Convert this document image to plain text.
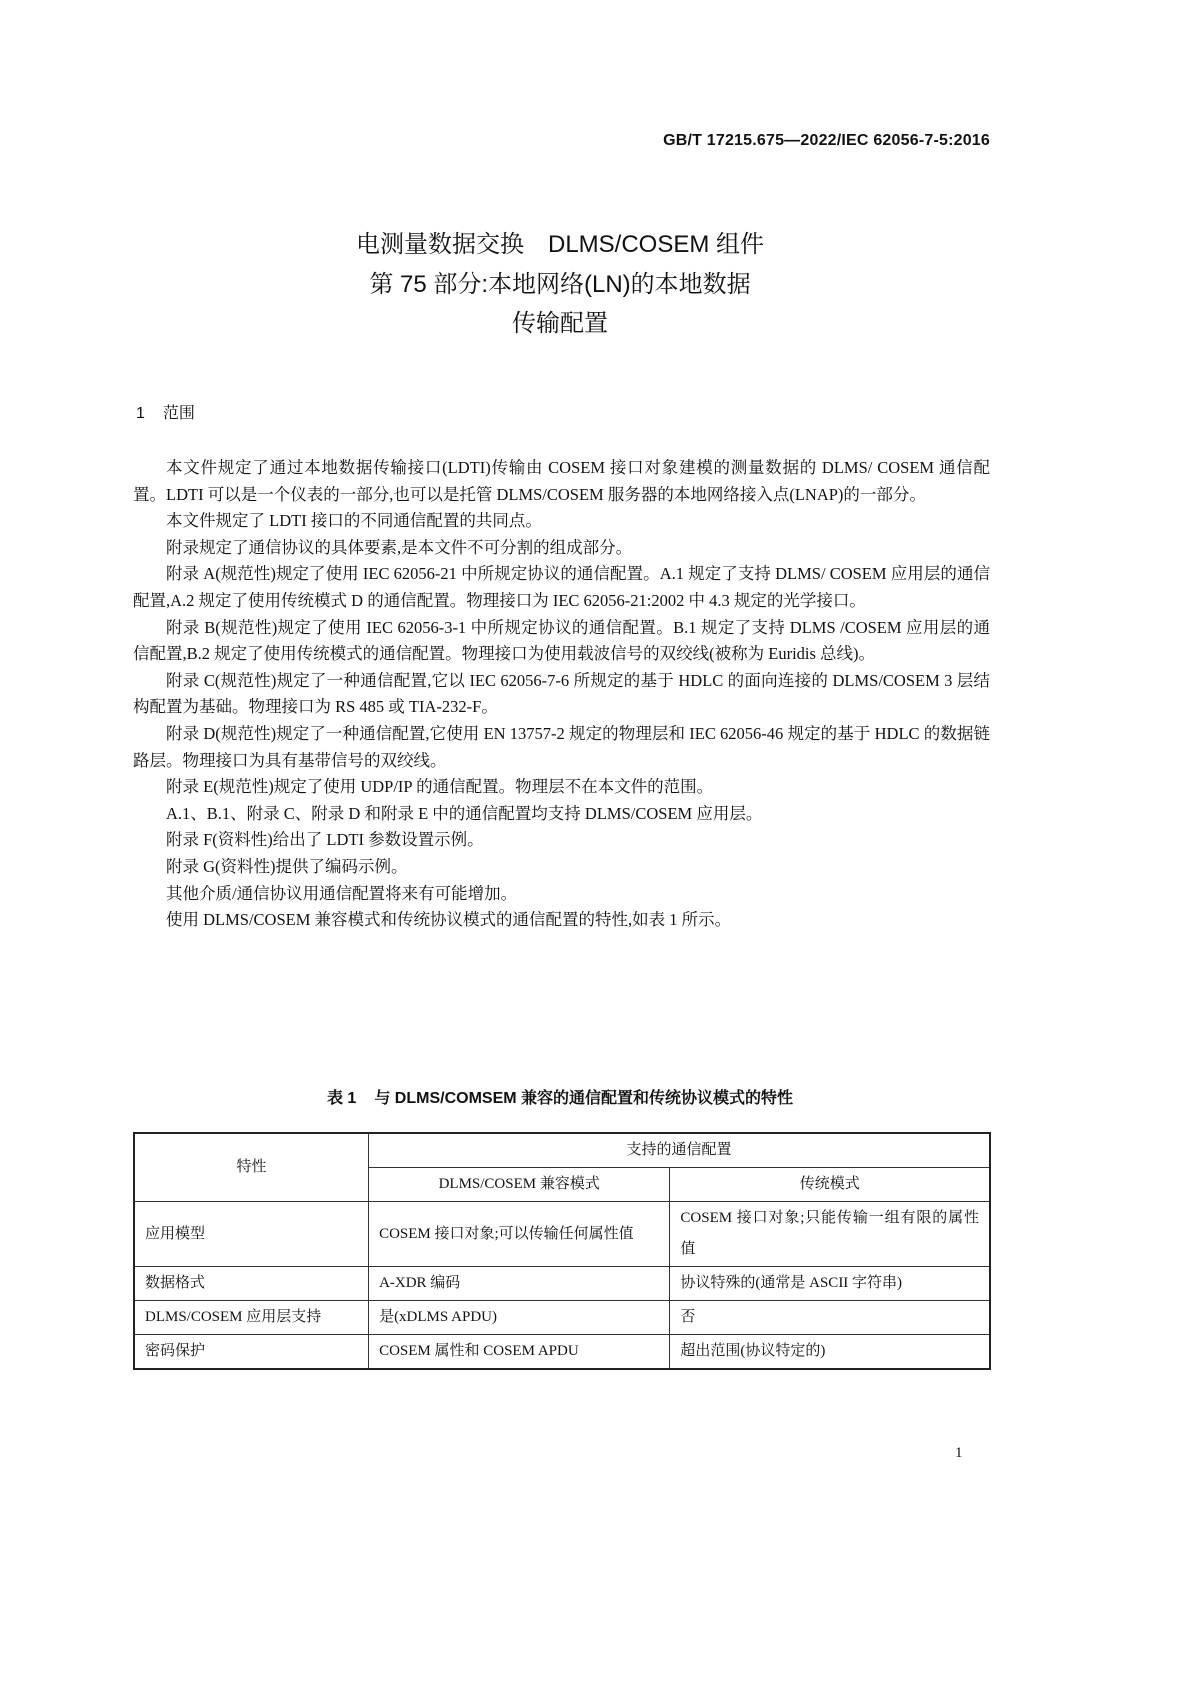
GB/T 17215.675—2022/IEC 62056-7-5:2016
电测量数据交换　DLMS/COSEM 组件
第 75 部分:本地网络(LN)的本地数据
传输配置
1 范围

本文件规定了通过本地数据传输接口(LDTI)传输由 COSEM 接口对象建模的测量数据的 DLMS/ COSEM 通信配置。LDTI 可以是一个仪表的一部分,也可以是托管 DLMS/COSEM 服务器的本地网络接入点(LNAP)的一部分。

本文件规定了 LDTI 接口的不同通信配置的共同点。

附录规定了通信协议的具体要素,是本文件不可分割的组成部分。

附录 A(规范性)规定了使用 IEC 62056-21 中所规定协议的通信配置。A.1 规定了支持 DLMS/ COSEM 应用层的通信配置,A.2 规定了使用传统模式 D 的通信配置。物理接口为 IEC 62056-21:2002 中 4.3 规定的光学接口。

附录 B(规范性)规定了使用 IEC 62056-3-1 中所规定协议的通信配置。B.1 规定了支持 DLMS /COSEM 应用层的通信配置,B.2 规定了使用传统模式的通信配置。物理接口为使用载波信号的双绞线(被称为 Euridis 总线)。

附录 C(规范性)规定了一种通信配置,它以 IEC 62056-7-6 所规定的基于 HDLC 的面向连接的 DLMS/COSEM 3 层结构配置为基础。物理接口为 RS 485 或 TIA-232-F。

附录 D(规范性)规定了一种通信配置,它使用 EN 13757-2 规定的物理层和 IEC 62056-46 规定的基于 HDLC 的数据链路层。物理接口为具有基带信号的双绞线。

附录 E(规范性)规定了使用 UDP/IP 的通信配置。物理层不在本文件的范围。

A.1、B.1、附录 C、附录 D 和附录 E 中的通信配置均支持 DLMS/COSEM 应用层。

附录 F(资料性)给出了 LDTI 参数设置示例。

附录 G(资料性)提供了编码示例。

其他介质/通信协议用通信配置将来有可能增加。

使用 DLMS/COSEM 兼容模式和传统协议模式的通信配置的特性,如表 1 所示。

表 1 与 DLMS/COMSEM 兼容的通信配置和传统协议模式的特性
特性	支持的通信配置	
	DLMS/COSEM 兼容模式	传统模式
应用模型	COSEM 接口对象;可以传输任何属性值	COSEM 接口对象;只能传输一组有限的属性值
数据格式	A-XDR 编码	协议特殊的(通常是 ASCII 字符串)
DLMS/COSEM 应用层支持	是(xDLMS APDU)	否
密码保护	COSEM 属性和 COSEM APDU	超出范围(协议特定的)
1
